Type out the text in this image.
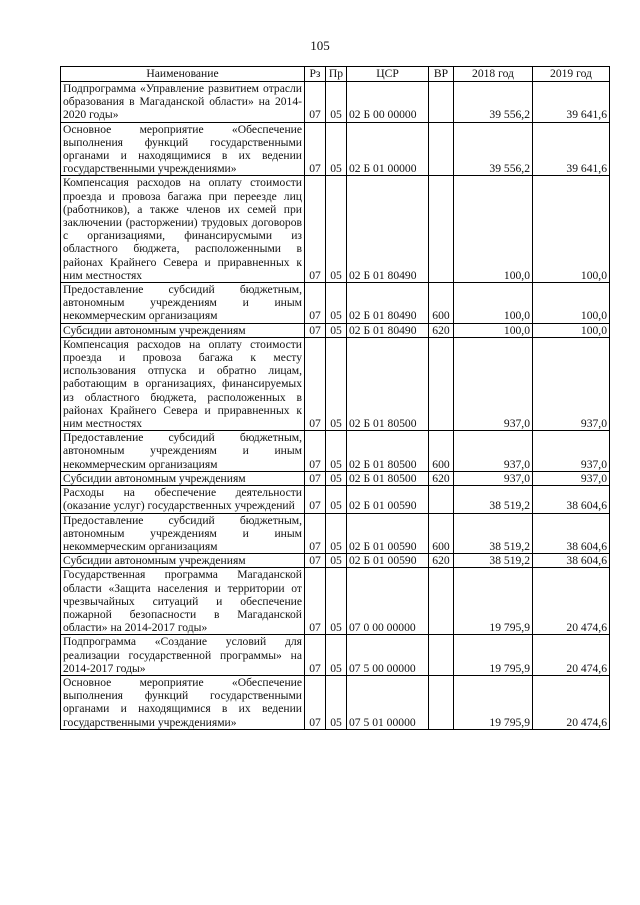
105
Наименование	Рз	Пр	ЦСР	ВР	2018 год	2019 год
Подпрограмма «Управление развитием отрасли образования в Магаданской области» на 2014-2020 годы»	07	05	02 Б 00 00000		39 556,2	39 641,6
Основное мероприятие «Обеспечение выполнения функций государственными органами и находящимися в их ведении государственными учреждениями»	07	05	02 Б 01 00000		39 556,2	39 641,6
Компенсация расходов на оплату стоимости проезда и провоза багажа при переезде лиц (работников), а также членов их семей при заключении (расторжении) трудовых договоров с организациями, финансирусмыми из областного бюджета, расположенными в районах Крайнего Севера и приравненных к ним местностях	07	05	02 Б 01 80490		100,0	100,0
Предоставление субсидий бюджетным, автономным учреждениям и иным некоммерческим организациям	07	05	02 Б 01 80490	600	100,0	100,0
Субсидии автономным учреждениям	07	05	02 Б 01 80490	620	100,0	100,0
Компенсация расходов на оплату стоимости проезда и провоза багажа к месту использования отпуска и обратно лицам, работающим в организациях, финансируемых из областного бюджета, расположенных в районах Крайнего Севера и приравненных к ним местностях	07	05	02 Б 01 80500		937,0	937,0
Предоставление субсидий бюджетным, автономным учреждениям и иным некоммерческим организациям	07	05	02 Б 01 80500	600	937,0	937,0
Субсидии автономным учреждениям	07	05	02 Б 01 80500	620	937,0	937,0
Расходы на обеспечение деятельности (оказание услуг) государственных учреждений	07	05	02 Б 01 00590		38 519,2	38 604,6
Предоставление субсидий бюджетным, автономным учреждениям и иным некоммерческим организациям	07	05	02 Б 01 00590	600	38 519,2	38 604,6
Субсидии автономным учреждениям	07	05	02 Б 01 00590	620	38 519,2	38 604,6
Государственная программа Магаданской области «Защита населения и территории от чрезвычайных ситуаций и обеспечение пожарной безопасности в Магаданской области» на 2014-2017 годы»	07	05	07 0 00 00000		19 795,9	20 474,6
Подпрограмма «Создание условий для реализации государственной программы» на 2014-2017 годы»	07	05	07 5 00 00000		19 795,9	20 474,6
Основное мероприятие «Обеспечение выполнения функций государственными органами и находящимися в их ведении государственными учреждениями»	07	05	07 5 01 00000		19 795,9	20 474,6
